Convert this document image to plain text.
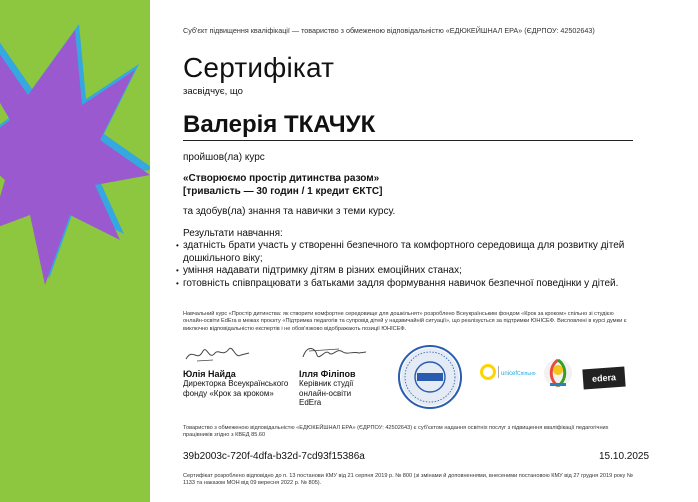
Суб'єкт підвищення кваліфікації — товариство з обмеженою відповідальністю «ЕДЮКЕЙШНАЛ ЕРА» (ЄДРПОУ: 42502643)

Сертифікат

засвідчує, що

Валерія ТКАЧУК

пройшов(ла) курс

«Створюємо простір дитинства разом»
[тривалість — 30 годин / 1 кредит ЄКТС]

та здобув(ла) знання та навички з теми курсу.

Результати навчання:

• здатність брати участь у створенні безпечного та комфортного середовища для розвитку дітей дошкільного віку;
• уміння надавати підтримку дітям в різних емоційних станах;
• готовність співпрацювати з батьками задля формування навичок безпечної поведінки у дітей.

Навчальний курс «Простір дитинства: як створити комфортне середовище для дошкільнят» розроблено Всеукраїнським фондом «Крок за кроком» спільно зі студією онлайн-освіти EdEra в межах проєкту «Підтримка педагогів та супровід дітей у надзвичайній ситуації», що реалізується за підтримки ЮНІСЕФ. Висловлені в курсі думки є виключно відповідальністю експертів і не обов'язково відображають позиції ЮНІСЕФ.

Юлія Найда
Директорка Всеукраїнського
фонду «Крок за кроком»
Ілля Філіпов
Керівник студії
онлайн-освіти
EdEra
unicef Спільно	edera

Товариство з обмеженою відповідальністю «ЕДЮКЕЙШНАЛ ЕРА» (ЄДРПОУ: 42502643) є суб'єктом надання освітніх послуг з підвищення кваліфікації педагогічних працівників згідно з КВЕД 85.60

39b2003c-720f-4dfa-b32d-7cd93f15386a	15.10.2025

Сертифікат розроблено відповідно до п. 13 постанови КМУ від 21 серпня 2019 р. № 800 (зі змінами й доповненнями, внесеними постановою КМУ від 27 грудня 2019 року № 1133 та наказом МОН від 09 вересня 2022 р. № 805).
